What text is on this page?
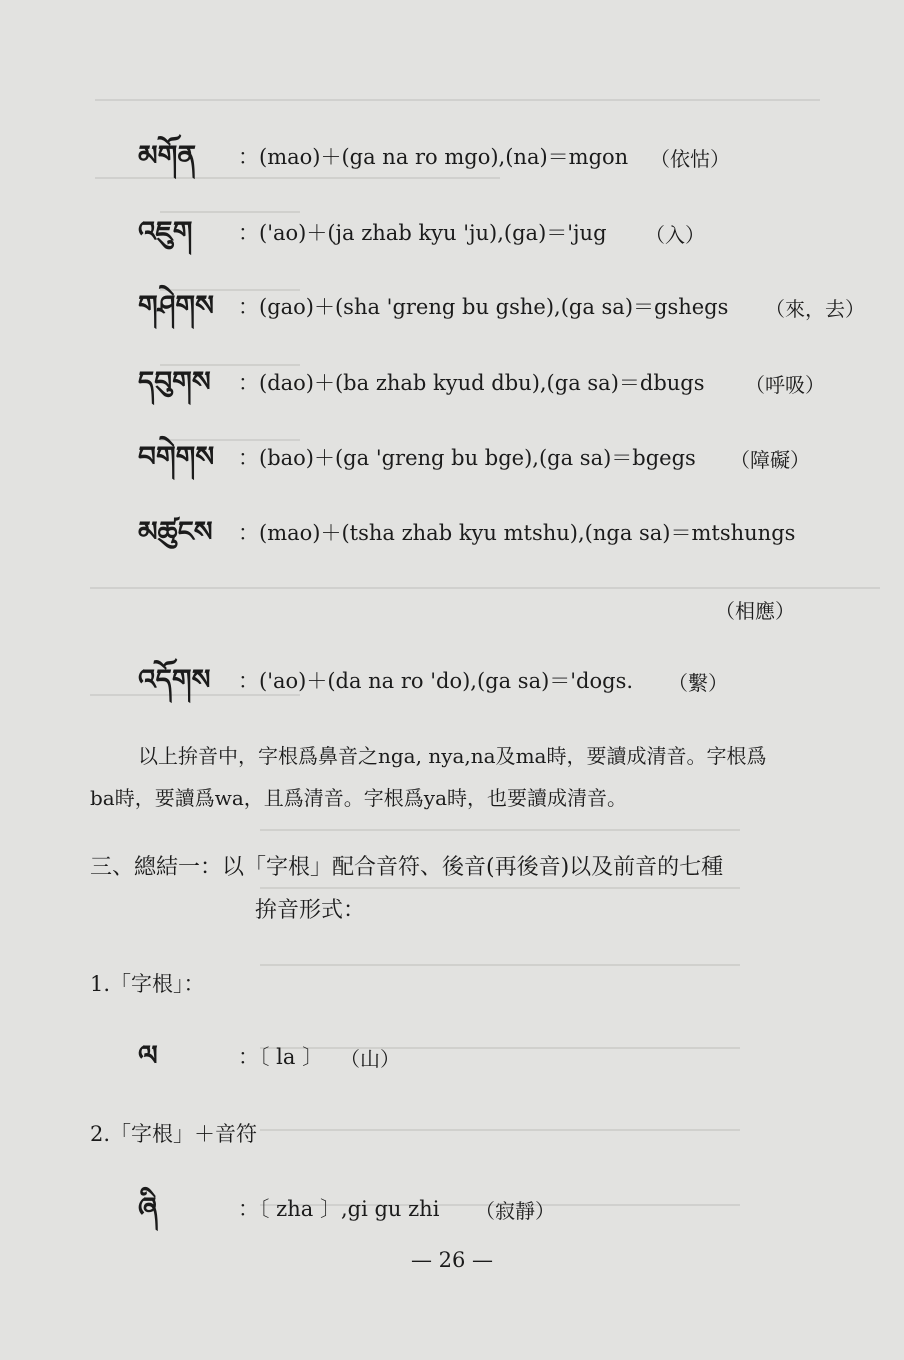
མགོན	：(mao)＋(ga na ro mgo),(na)＝mgon （依怙）
འཇུག	：('ao)＋(ja zhab kyu 'ju),(ga)＝'jug （入）
གཤེགས	：(gao)＋(sha 'greng bu gshe),(ga sa)＝gshegs （來，去）
དབུགས	：(dao)＋(ba zhab kyud dbu),(ga sa)＝dbugs （呼吸）
བགེགས	：(bao)＋(ga 'greng bu bge),(ga sa)＝bgegs （障礙）
མཚུངས	：(mao)＋(tsha zhab kyu mtshu),(nga sa)＝mtshungs
（相應）
འདོགས	：('ao)＋(da na ro 'do),(ga sa)＝'dogs. （繫）
以上拚音中，字根爲鼻音之nga, nya,na及ma時，要讀成清音。字根爲
ba時，要讀爲wa，且爲清音。字根爲ya時，也要讀成清音。
三、總結一：以「字根」配合音符、後音(再後音)以及前音的七種
拚音形式：
1.「字根」：
ལ	：〔 la 〕 （山）
2.「字根」＋音符
ཞི	：〔 zha 〕,gi gu zhi （寂靜）
— 26 —
